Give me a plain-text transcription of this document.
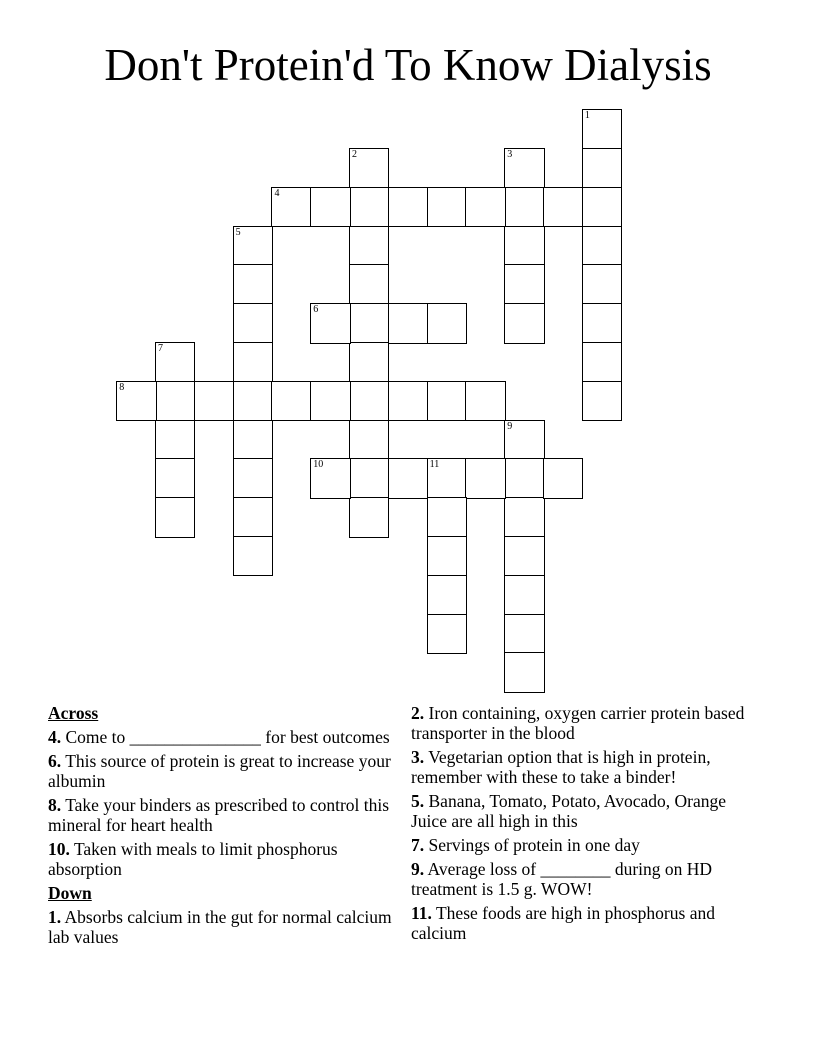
Don't Protein'd To Know Dialysis
1
2	3
4
5
6
7
8
9
10	11
Across
4. Come to _______________ for best outcomes
6. This source of protein is great to increase your albumin
8. Take your binders as prescribed to control this mineral for heart health
10. Taken with meals to limit phosphorus absorption
Down
1. Absorbs calcium in the gut for normal calcium lab values
2. Iron containing, oxygen carrier protein based transporter in the blood
3. Vegetarian option that is high in protein, remember with these to take a binder!
5. Banana, Tomato, Potato, Avocado, Orange Juice are all high in this
7. Servings of protein in one day
9. Average loss of ________ during on HD treatment is 1.5 g. WOW!
11. These foods are high in phosphorus and calcium
